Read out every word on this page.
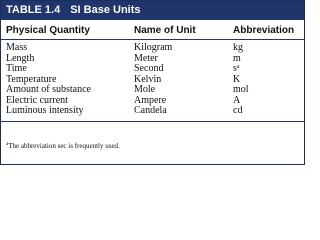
TABLE 1.4 SI Base Units
Physical Quantity	Name of Unit	Abbreviation
Mass	Kilogram	kg
Length	Meter	m
Time	Second	$s^a$
Temperature	Kelvin	K
Amount of substance	Mole	mol
Electric current	Ampere	A
Luminous intensity	Candela	cd
$^a$The abbreviation sec is frequently used.
